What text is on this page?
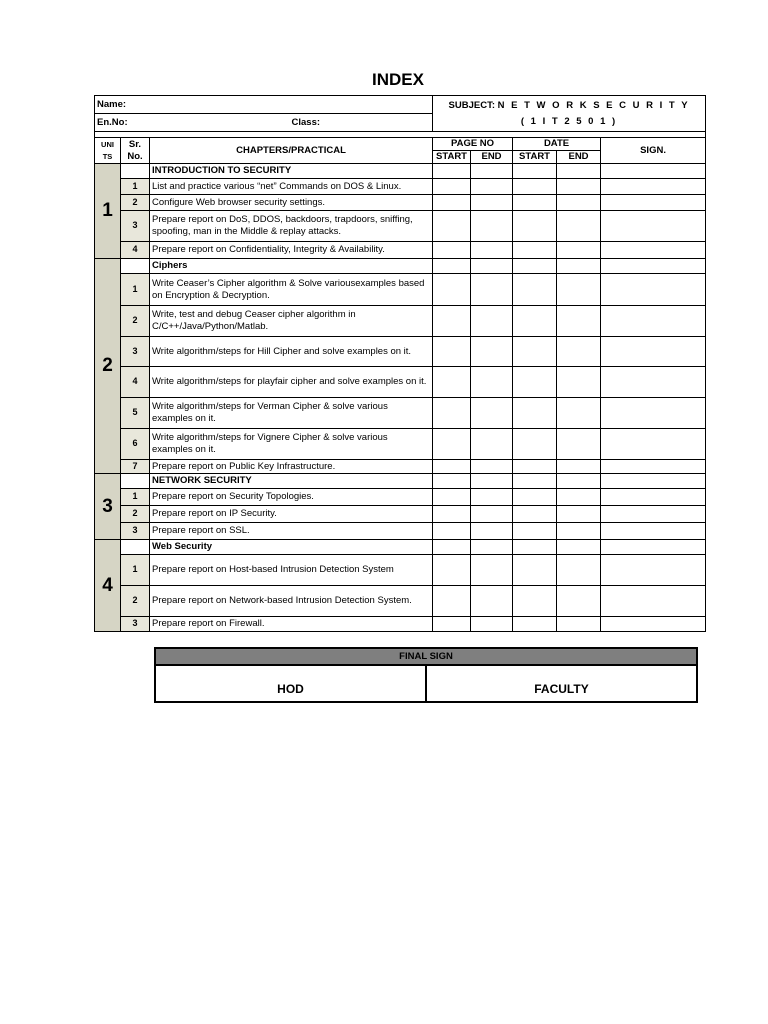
INDEX
Name:			SUBJECT: N E T W O R K S E C U R I T Y
( 1 I T 2 5 0 1 )				

En.No: Class:							

UNI TS	Sr. No.	CHAPTERS/PRACTICAL	PAGE NO		DATE		SIGN.
			START	END	START	END	
1		INTRODUCTION TO SECURITY					
	1	List and practice various “net” Commands on DOS & Linux.					
	2	Configure Web browser security settings.					
	3	Prepare report on DoS, DDOS, backdoors, trapdoors, sniffing, spoofing, man in the Middle & replay attacks.					
	4	Prepare report on Confidentiality, Integrity & Availability.					
2		Ciphers					
	1	Write Ceaser’s Cipher algorithm & Solve variousexamples based on Encryption & Decryption.					
	2	Write, test and debug Ceaser cipher algorithm in C/C++/Java/Python/Matlab.					
	3	Write algorithm/steps for Hill Cipher and solve examples on it.					
	4	Write algorithm/steps for playfair cipher and solve examples on it.					
	5	Write algorithm/steps for Verman Cipher & solve various examples on it.					
	6	Write algorithm/steps for Vignere Cipher & solve various examples on it.					
	7	Prepare report on Public Key Infrastructure.					
3		NETWORK SECURITY					
	1	Prepare report on Security Topologies.					
	2	Prepare report on IP Security.					
	3	Prepare report on SSL.					
4		Web Security					
	1	Prepare report on Host-based Intrusion Detection System					
	2	Prepare report on Network-based Intrusion Detection System.					
	3	Prepare report on Firewall.					
FINAL SIGN
HOD	FACULTY
